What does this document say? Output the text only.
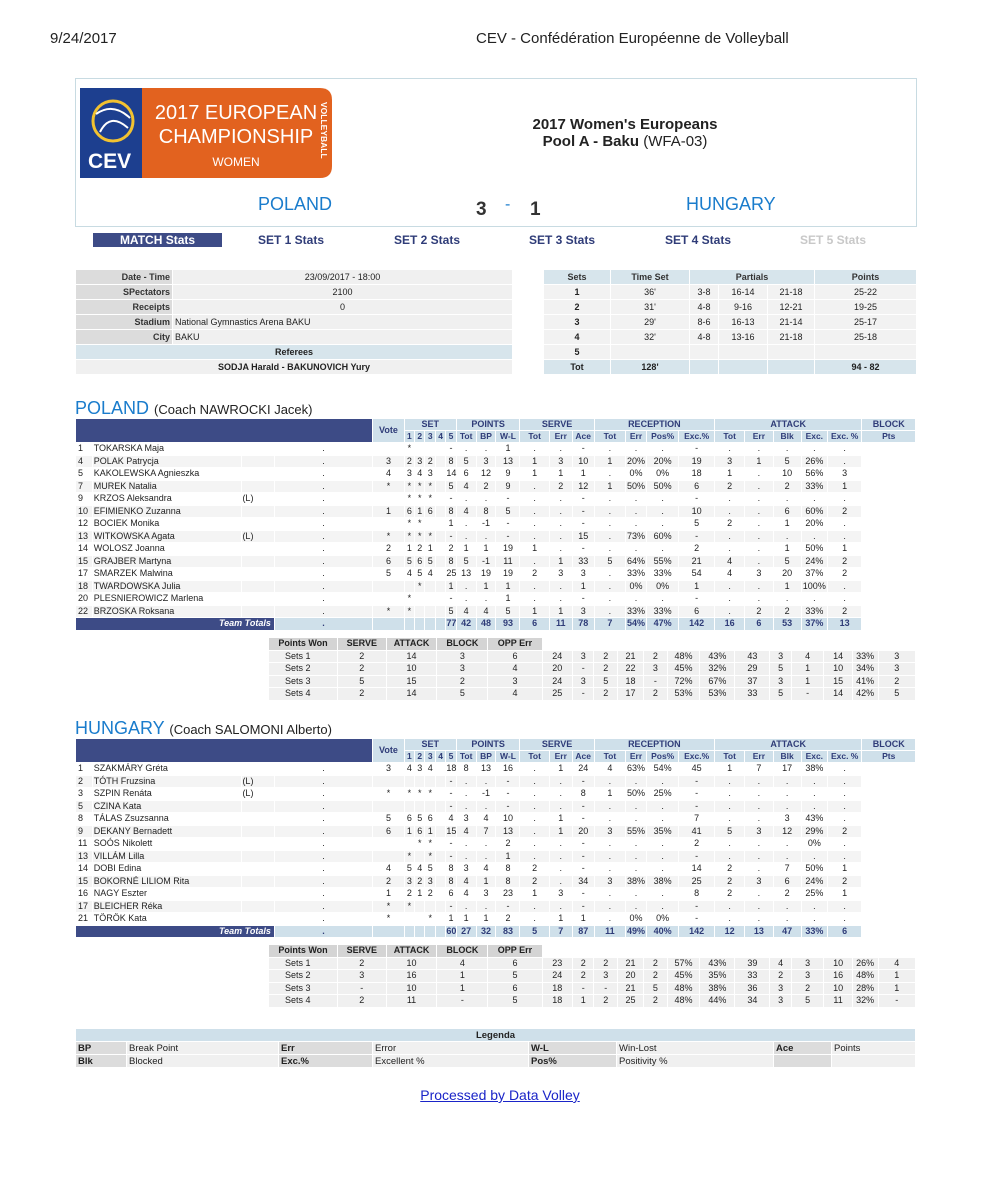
9/24/2017	CEV - Confédération Européenne de Volleyball
CEV
2017 EUROPEAN
CHAMPIONSHIP
WOMEN
VOLLEYBALL	2017 Women's Europeans
Pool A - Baku (WFA-03)
POLAND	3 - 1	HUNGARY
MATCH Stats	SET 1 Stats	SET 2 Stats	SET 3 Stats	SET 4 Stats	SET 5 Stats
Date - Time	23/09/2017 - 18:00
SPectators	2100
Receipts	0
Stadium	National Gymnastics Arena BAKU
City	BAKU
Referees	
SODJA Harald - BAKUNOVICH Yury	
Sets	Time Set	Partials			Points
1	36'	3-8	16-14	21-18	25-22
2	31'	4-8	9-16	12-21	19-25
3	29'	8-6	16-13	21-14	25-17
4	32'	4-8	13-16	21-18	25-18
5					
Tot	128'				94 - 82
POLAND (Coach NAWROCKI Jacek)
				Vote	SET					POINTS			SERVE			RECEPTION				ATTACK					BLOCK
					1	2	3	4	5	Tot	BP	W-L	Tot	Err	Ace	Tot	Err	Pos%	Exc.%	Tot	Err	Blk	Exc.	Exc. %	Pts
1	TOKARSKA Maja		.		*				-	.	.	1	.	.	-	.	.	.	-	.	.	.	.	.	
4	POLAK Patrycja		.	3	2	3	2		8	5	3	13	1	3	10	1	20%	20%	19	3	1	5	26%	.	
5	KAKOLEWSKA Agnieszka		.	4	3	4	3		14	6	12	9	1	1	1	.	0%	0%	18	1	.	10	56%	3	
7	MUREK Natalia		.	*	*	*	*		5	4	2	9	.	2	12	1	50%	50%	6	2	.	2	33%	1	
9	KRZOS Aleksandra	(L)	.		*	*	*		-	.	.	-	.	.	-	.	.	.	-	.	.	.	.	.	
10	EFIMIENKO Zuzanna		.	1	6	1	6		8	4	8	5	.	.	-	.	.	.	10	.	.	6	60%	2	
12	BOCIEK Monika		.		*	*			1	.	-1	-	.	.	-	.	.	.	5	2	.	1	20%	.	
13	WITKOWSKA Agata	(L)	.	*	*	*	*		-	.	.	-	.	.	15	.	73%	60%	-	.	.	.	.	.	
14	WOLOSZ Joanna		.	2	1	2	1		2	1	1	19	1	.	-	.	.	.	2	.	.	1	50%	1	
15	GRAJBER Martyna		.	6	5	6	5		8	5	-1	11	.	1	33	5	64%	55%	21	4	.	5	24%	2	
17	SMARZEK Malwina		.	5	4	5	4		25	13	19	19	2	3	3	.	33%	33%	54	4	3	20	37%	2	
18	TWARDOWSKA Julia		.			*			1	.	1	1	.	.	1	.	0%	0%	1	.	.	1	100%	.	
20	PLESNIEROWICZ Marlena		.		*				-	.	.	1	.	.	-	.	.	.	-	.	.	.	.	.	
22	BRZOSKA Roksana		.	*	*				5	4	4	5	1	1	3	.	33%	33%	6	.	2	2	33%	2	
Team Totals			.						77	42	48	93	6	11	78	7	54%	47%	142	16	6	53	37%	13	
Points Won	SERVE	ATTACK	BLOCK	OPP Err													
Sets 1	2	14	3	6	24	3	2	21	2	48%	43%	43	3	4	14	33%	3
Sets 2	2	10	3	4	20	-	2	22	3	45%	32%	29	5	1	10	34%	3
Sets 3	5	15	2	3	24	3	5	18	-	72%	67%	37	3	1	15	41%	2
Sets 4	2	14	5	4	25	-	2	17	2	53%	53%	33	5	-	14	42%	5
HUNGARY (Coach SALOMONI Alberto)
				Vote	SET					POINTS			SERVE			RECEPTION				ATTACK					BLOCK
					1	2	3	4	5	Tot	BP	W-L	Tot	Err	Ace	Tot	Err	Pos%	Exc.%	Tot	Err	Blk	Exc.	Exc. %	Pts
1	SZAKMÁRY Gréta		.	3	4	3	4		18	8	13	16	.	1	24	4	63%	54%	45	1	7	17	38%	.	
2	TÓTH Fruzsina	(L)	.						-	.	.	-	.	.	-	.	.	.	-	.	.	.	.	.	
3	SZPIN Renáta	(L)	.	*	*	*	*		-	.	-1	-	.	.	8	1	50%	25%	-	.	.	.	.	.	
5	CZINA Kata		.						-	.	.	-	.	.	-	.	.	.	-	.	.	.	.	.	
8	TÁLAS Zsuzsanna		.	5	6	5	6		4	3	4	10	.	1	-	.	.	.	7	.	.	3	43%	.	
9	DEKANY Bernadett		.	6	1	6	1		15	4	7	13	.	1	20	3	55%	35%	41	5	3	12	29%	2	
11	SOÓS Nikolett		.			*	*		-	.	.	2	.	.	-	.	.	.	2	.	.	.	0%	.	
13	VILLÁM Lilla		.		*		*		-	.	.	1	.	.	-	.	.	.	-	.	.	.	.	.	
14	DOBI Edina		.	4	5	4	5		8	3	4	8	2	.	-	.	.	.	14	2	.	7	50%	1	
15	BOKORNÉ LILIOM Rita		.	2	3	2	3		8	4	1	8	2	.	34	3	38%	38%	25	2	3	6	24%	2	
16	NAGY Eszter		.	1	2	1	2		6	4	3	23	1	3	-	.	.	.	8	2	.	2	25%	1	
17	BLEICHER Réka		.	*	*				-	.	.	-	.	.	-	.	.	.	-	.	.	.	.	.	
21	TÖRÖK Kata		.	*			*		1	1	1	2	.	1	1	.	0%	0%	-	.	.	.	.	.	
Team Totals			.						60	27	32	83	5	7	87	11	49%	40%	142	12	13	47	33%	6	
Points Won	SERVE	ATTACK	BLOCK	OPP Err													
Sets 1	2	10	4	6	23	2	2	21	2	57%	43%	39	4	3	10	26%	4
Sets 2	3	16	1	5	24	2	3	20	2	45%	35%	33	2	3	16	48%	1
Sets 3	-	10	1	6	18	-	-	21	5	48%	38%	36	3	2	10	28%	1
Sets 4	2	11	-	5	18	1	2	25	2	48%	44%	34	3	5	11	32%	-
Legenda							
BP	Break Point	Err	Error	W-L	Win-Lost	Ace	Points
Blk	Blocked	Exc.%	Excellent %	Pos%	Positivity %		
Processed by Data Volley
